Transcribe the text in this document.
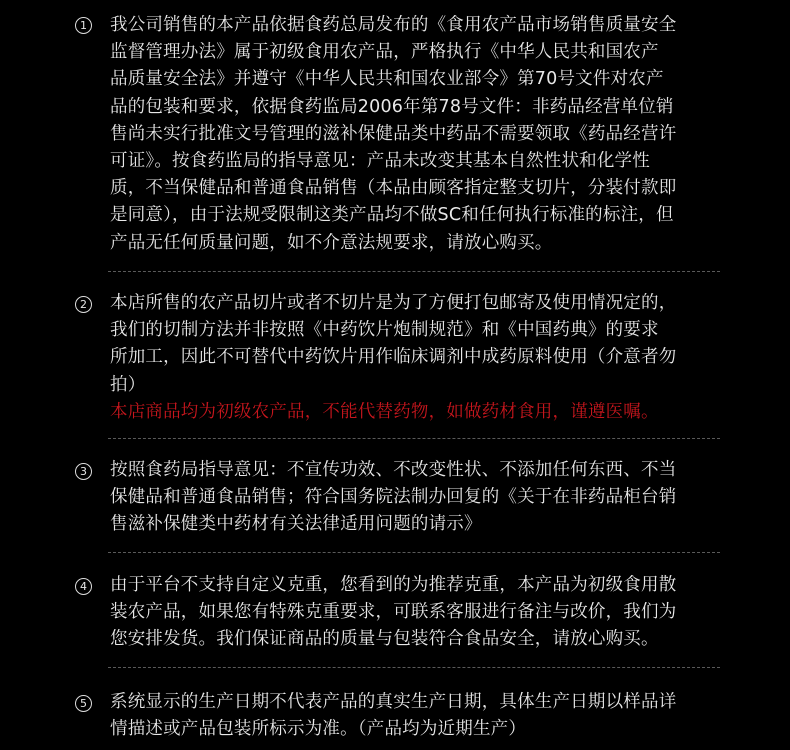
1 我公司销售的本产品依据食药总局发布的《食用农产品市场销售质量安全
监督管理办法》属于初级食用农产品，严格执行《中华人民共和国农产
品质量安全法》并遵守《中华人民共和国农业部令》第70号文件对农产
品的包装和要求，依据食药监局2006年第78号文件：非药品经营单位销
售尚未实行批准文号管理的滋补保健品类中药品不需要领取《药品经营许
可证》。按食药监局的指导意见：产品未改变其基本自然性状和化学性
质，不当保健品和普通食品销售（本品由顾客指定整支切片，分装付款即
是同意），由于法规受限制这类产品均不做SC和任何执行标准的标注，但
产品无任何质量问题，如不介意法规要求，请放心购买。
2 本店所售的农产品切片或者不切片是为了方便打包邮寄及使用情况定的，
我们的切制方法并非按照《中药饮片炮制规范》和《中国药典》的要求
所加工，因此不可替代中药饮片用作临床调剂中成药原料使用（介意者勿
拍）
本店商品均为初级农产品，不能代替药物，如做药材食用，谨遵医嘱。
3 按照食药局指导意见：不宣传功效、不改变性状、不添加任何东西、不当
保健品和普通食品销售；符合国务院法制办回复的《关于在非药品柜台销
售滋补保健类中药材有关法律适用问题的请示》
4 由于平台不支持自定义克重，您看到的为推荐克重，本产品为初级食用散
装农产品，如果您有特殊克重要求，可联系客服进行备注与改价，我们为
您安排发货。我们保证商品的质量与包装符合食品安全，请放心购买。
5 系统显示的生产日期不代表产品的真实生产日期，具体生产日期以样品详
情描述或产品包装所标示为准。（产品均为近期生产）
